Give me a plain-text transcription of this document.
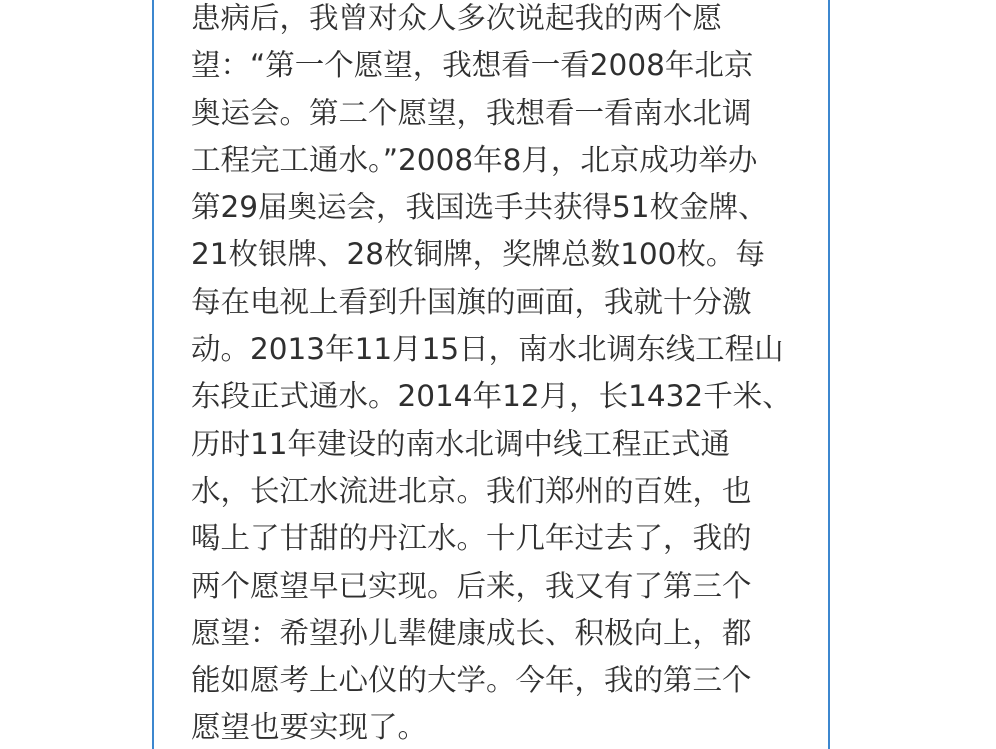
患病后，我曾对众人多次说起我的两个愿
望：“第一个愿望，我想看一看2008年北京
奥运会。第二个愿望，我想看一看南水北调
工程完工通水。”2008年8月，北京成功举办
第29届奥运会，我国选手共获得51枚金牌、
21枚银牌、28枚铜牌，奖牌总数100枚。每
每在电视上看到升国旗的画面，我就十分激
动。2013年11月15日，南水北调东线工程山
东段正式通水。2014年12月，长1432千米、
历时11年建设的南水北调中线工程正式通
水，长江水流进北京。我们郑州的百姓，也
喝上了甘甜的丹江水。十几年过去了，我的
两个愿望早已实现。后来，我又有了第三个
愿望：希望孙儿辈健康成长、积极向上，都
能如愿考上心仪的大学。今年，我的第三个
愿望也要实现了。
